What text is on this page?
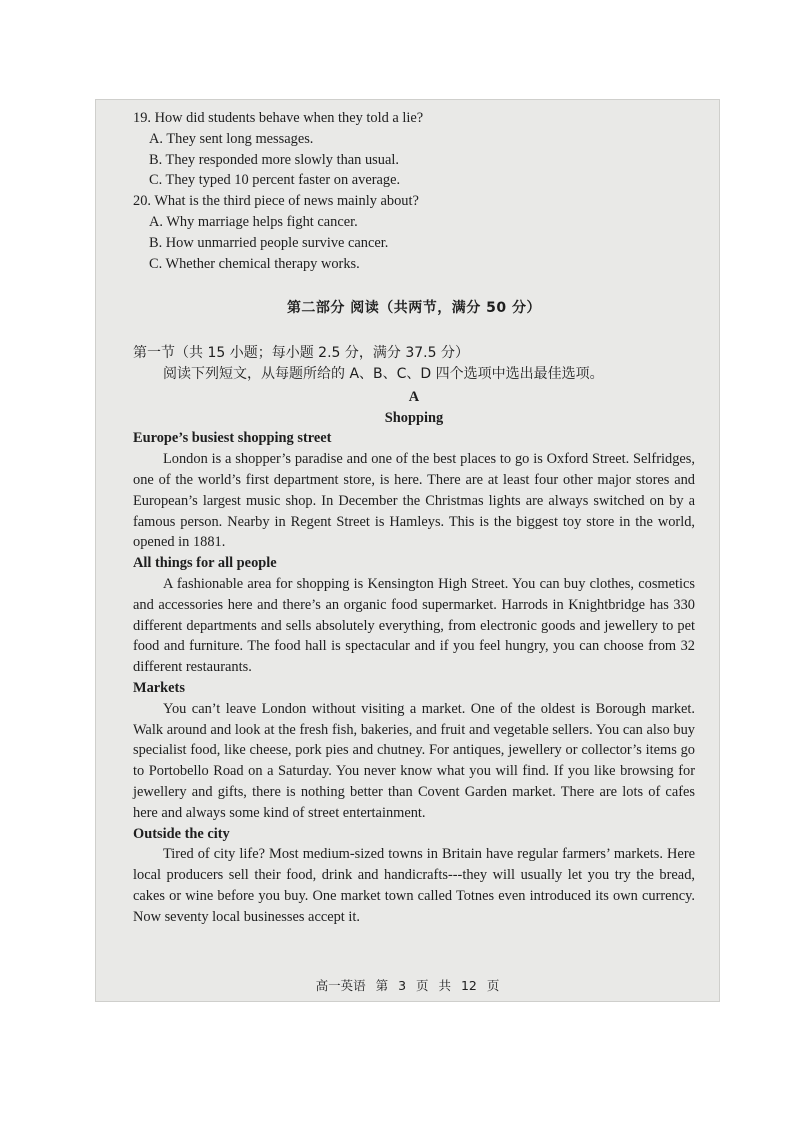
19. How did students behave when they told a lie?
A. They sent long messages.
B. They responded more slowly than usual.
C. They typed 10 percent faster on average.
20. What is the third piece of news mainly about?
A. Why marriage helps fight cancer.
B. How unmarried people survive cancer.
C. Whether chemical therapy works.
第二部分 阅读（共两节，满分 50 分）
第一节（共 15 小题；每小题 2.5 分，满分 37.5 分）
阅读下列短文，从每题所给的 A、B、C、D 四个选项中选出最佳选项。
A
Shopping
Europe’s busiest shopping street
London is a shopper’s paradise and one of the best places to go is Oxford Street. Selfridges, one of the world’s first department store, is here. There are at least four other major stores and European’s largest music shop. In December the Christmas lights are always switched on by a famous person. Nearby in Regent Street is Hamleys. This is the biggest toy store in the world, opened in 1881.
All things for all people
A fashionable area for shopping is Kensington High Street. You can buy clothes, cosmetics and accessories here and there’s an organic food supermarket. Harrods in Knightbridge has 330 different departments and sells absolutely everything, from electronic goods and jewellery to pet food and furniture. The food hall is spectacular and if you feel hungry, you can choose from 32 different restaurants.
Markets
You can’t leave London without visiting a market. One of the oldest is Borough market. Walk around and look at the fresh fish, bakeries, and fruit and vegetable sellers. You can also buy specialist food, like cheese, pork pies and chutney. For antiques, jewellery or collector’s items go to Portobello Road on a Saturday. You never know what you will find. If you like browsing for jewellery and gifts, there is nothing better than Covent Garden market. There are lots of cafes here and always some kind of street entertainment.
Outside the city
Tired of city life? Most medium-sized towns in Britain have regular farmers’ markets. Here local producers sell their food, drink and handicrafts---they will usually let you try the bread, cakes or wine before you buy. One market town called Totnes even introduced its own currency. Now seventy local businesses accept it.
高一英语 第 3 页 共 12 页
